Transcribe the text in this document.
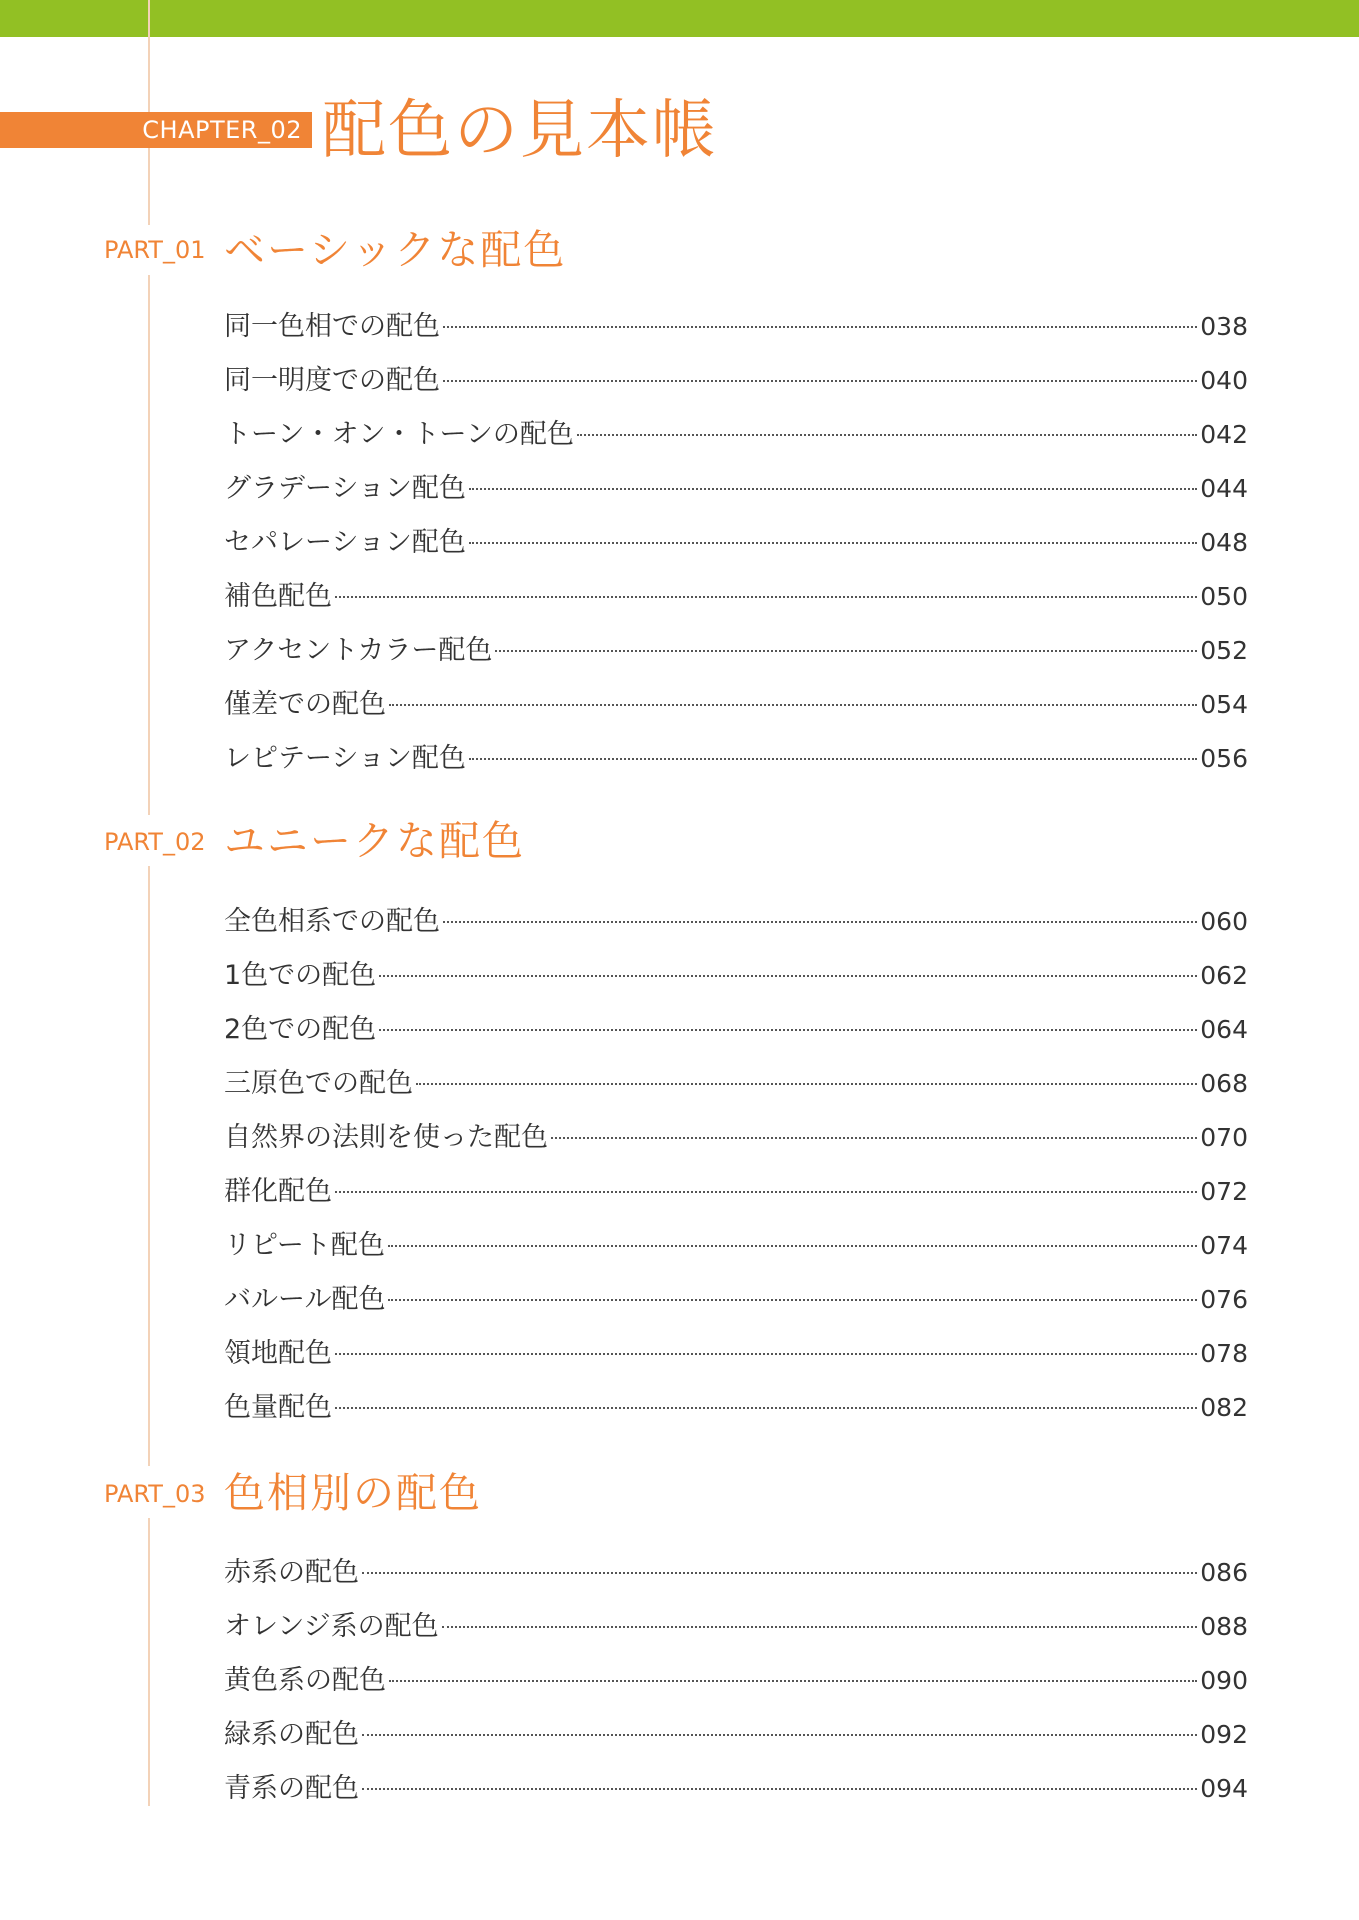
CHAPTER_02 配色の見本帳
PART_01 ベーシックな配色
同一色相での配色	038
同一明度での配色	040
トーン・オン・トーンの配色	042
グラデーション配色	044
セパレーション配色	048
補色配色	050
アクセントカラー配色	052
僅差での配色	054
レピテーション配色	056
PART_02 ユニークな配色
全色相系での配色	060
1色での配色	062
2色での配色	064
三原色での配色	068
自然界の法則を使った配色	070
群化配色	072
リピート配色	074
バルール配色	076
領地配色	078
色量配色	082
PART_03 色相別の配色
赤系の配色	086
オレンジ系の配色	088
黄色系の配色	090
緑系の配色	092
青系の配色	094
